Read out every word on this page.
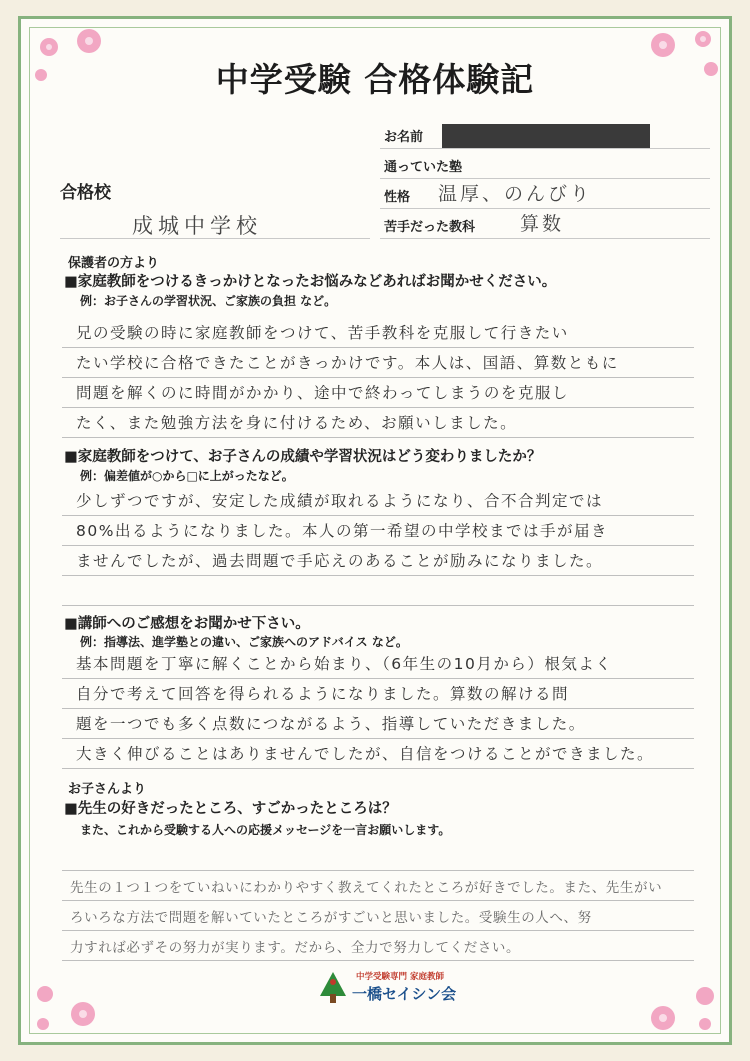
中学受験 合格体験記
お名前
通っていた塾
性格 温厚、のんびり
苦手だった教科 算数
合格校
成城中学校
保護者の方より
■家庭教師をつけるきっかけとなったお悩みなどあればお聞かせください。
例：お子さんの学習状況、ご家族の負担 など。
兄の受験の時に家庭教師をつけて、苦手教科を克服して行きたい
たい学校に合格できたことがきっかけです。本人は、国語、算数ともに
問題を解くのに時間がかかり、途中で終わってしまうのを克服し
たく、また勉強方法を身に付けるため、お願いしました。
■家庭教師をつけて、お子さんの成績や学習状況はどう変わりましたか？
例：偏差値が○から□に上がったなど。
少しずつですが、安定した成績が取れるようになり、合不合判定では
80%出るようになりました。本人の第一希望の中学校までは手が届き
ませんでしたが、過去問題で手応えのあることが励みになりました。
■講師へのご感想をお聞かせ下さい。
例：指導法、進学塾との違い、ご家族へのアドバイス など。
基本問題を丁寧に解くことから始まり、（6年生の10月から）根気よく
自分で考えて回答を得られるようになりました。算数の解ける問
題を一つでも多く点数につながるよう、指導していただきました。
大きく伸びることはありませんでしたが、自信をつけることができました。
お子さんより
■先生の好きだったところ、すごかったところは？
また、これから受験する人への応援メッセージを一言お願いします。
先生の１つ１つをていねいにわかりやすく教えてくれたところが好きでした。また、先生がい
ろいろな方法で問題を解いていたところがすごいと思いました。受験生の人へ、努
力すれば必ずその努力が実ります。だから、全力で努力してください。
中学受験専門 家庭教師
一橋セイシン会
